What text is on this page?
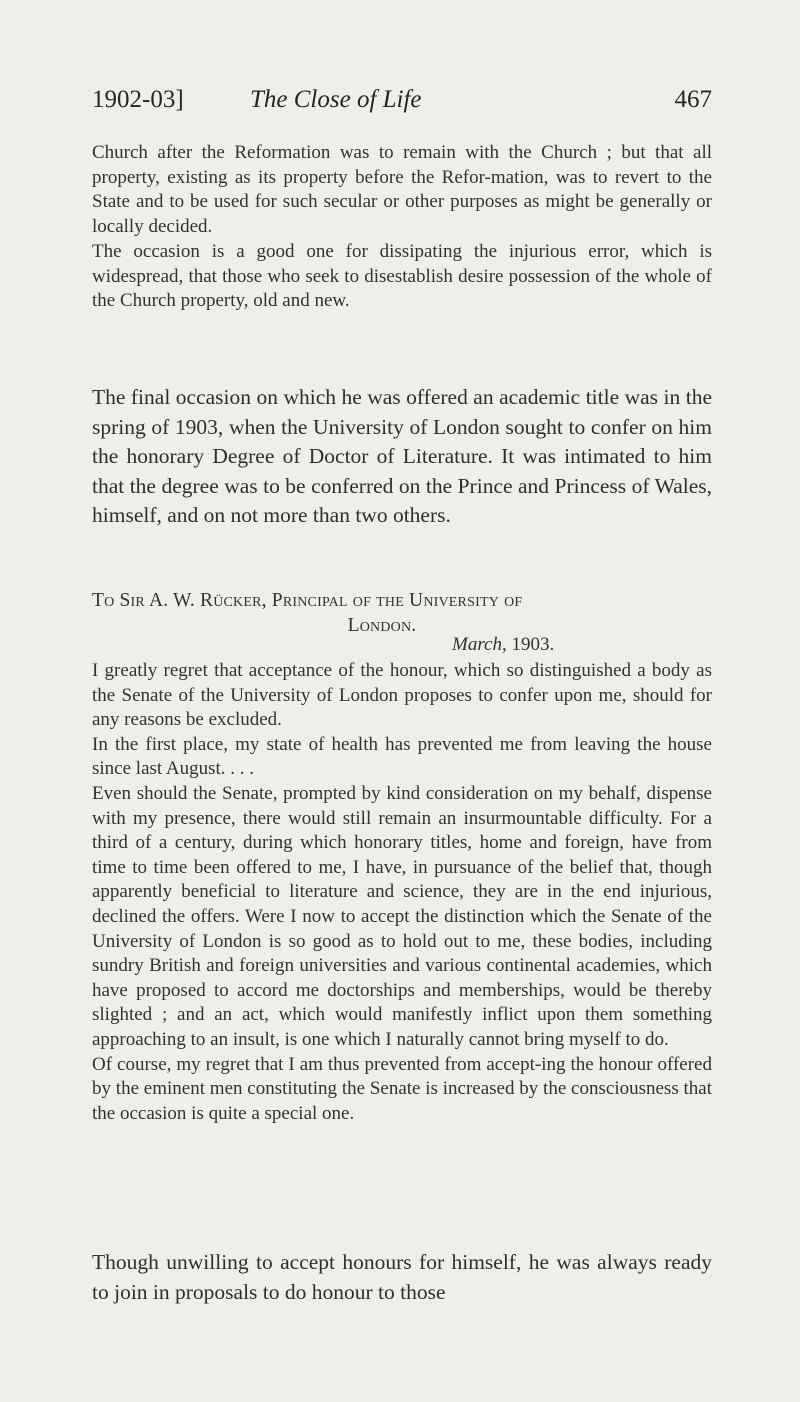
1902-03]	The Close of Life	467

Church after the Reformation was to remain with the Church ; but that all property, existing as its property before the Refor-mation, was to revert to the State and to be used for such secular or other purposes as might be generally or locally decided.

The occasion is a good one for dissipating the injurious error, which is widespread, that those who seek to disestablish desire possession of the whole of the Church property, old and new.

The final occasion on which he was offered an academic title was in the spring of 1903, when the University of London sought to confer on him the honorary Degree of Doctor of Literature. It was intimated to him that the degree was to be conferred on the Prince and Princess of Wales, himself, and on not more than two others.

To Sir A. W. Rücker, Principal of the University of
London.
March, 1903.

I greatly regret that acceptance of the honour, which so distinguished a body as the Senate of the University of London proposes to confer upon me, should for any reasons be excluded.

In the first place, my state of health has prevented me from leaving the house since last August. . . .

Even should the Senate, prompted by kind consideration on my behalf, dispense with my presence, there would still remain an insurmountable difficulty. For a third of a century, during which honorary titles, home and foreign, have from time to time been offered to me, I have, in pursuance of the belief that, though apparently beneficial to literature and science, they are in the end injurious, declined the offers. Were I now to accept the distinction which the Senate of the University of London is so good as to hold out to me, these bodies, including sundry British and foreign universities and various continental academies, which have proposed to accord me doctorships and memberships, would be thereby slighted ; and an act, which would manifestly inflict upon them something approaching to an insult, is one which I naturally cannot bring myself to do.

Of course, my regret that I am thus prevented from accept-ing the honour offered by the eminent men constituting the Senate is increased by the consciousness that the occasion is quite a special one.

Though unwilling to accept honours for himself, he was always ready to join in proposals to do honour to those
